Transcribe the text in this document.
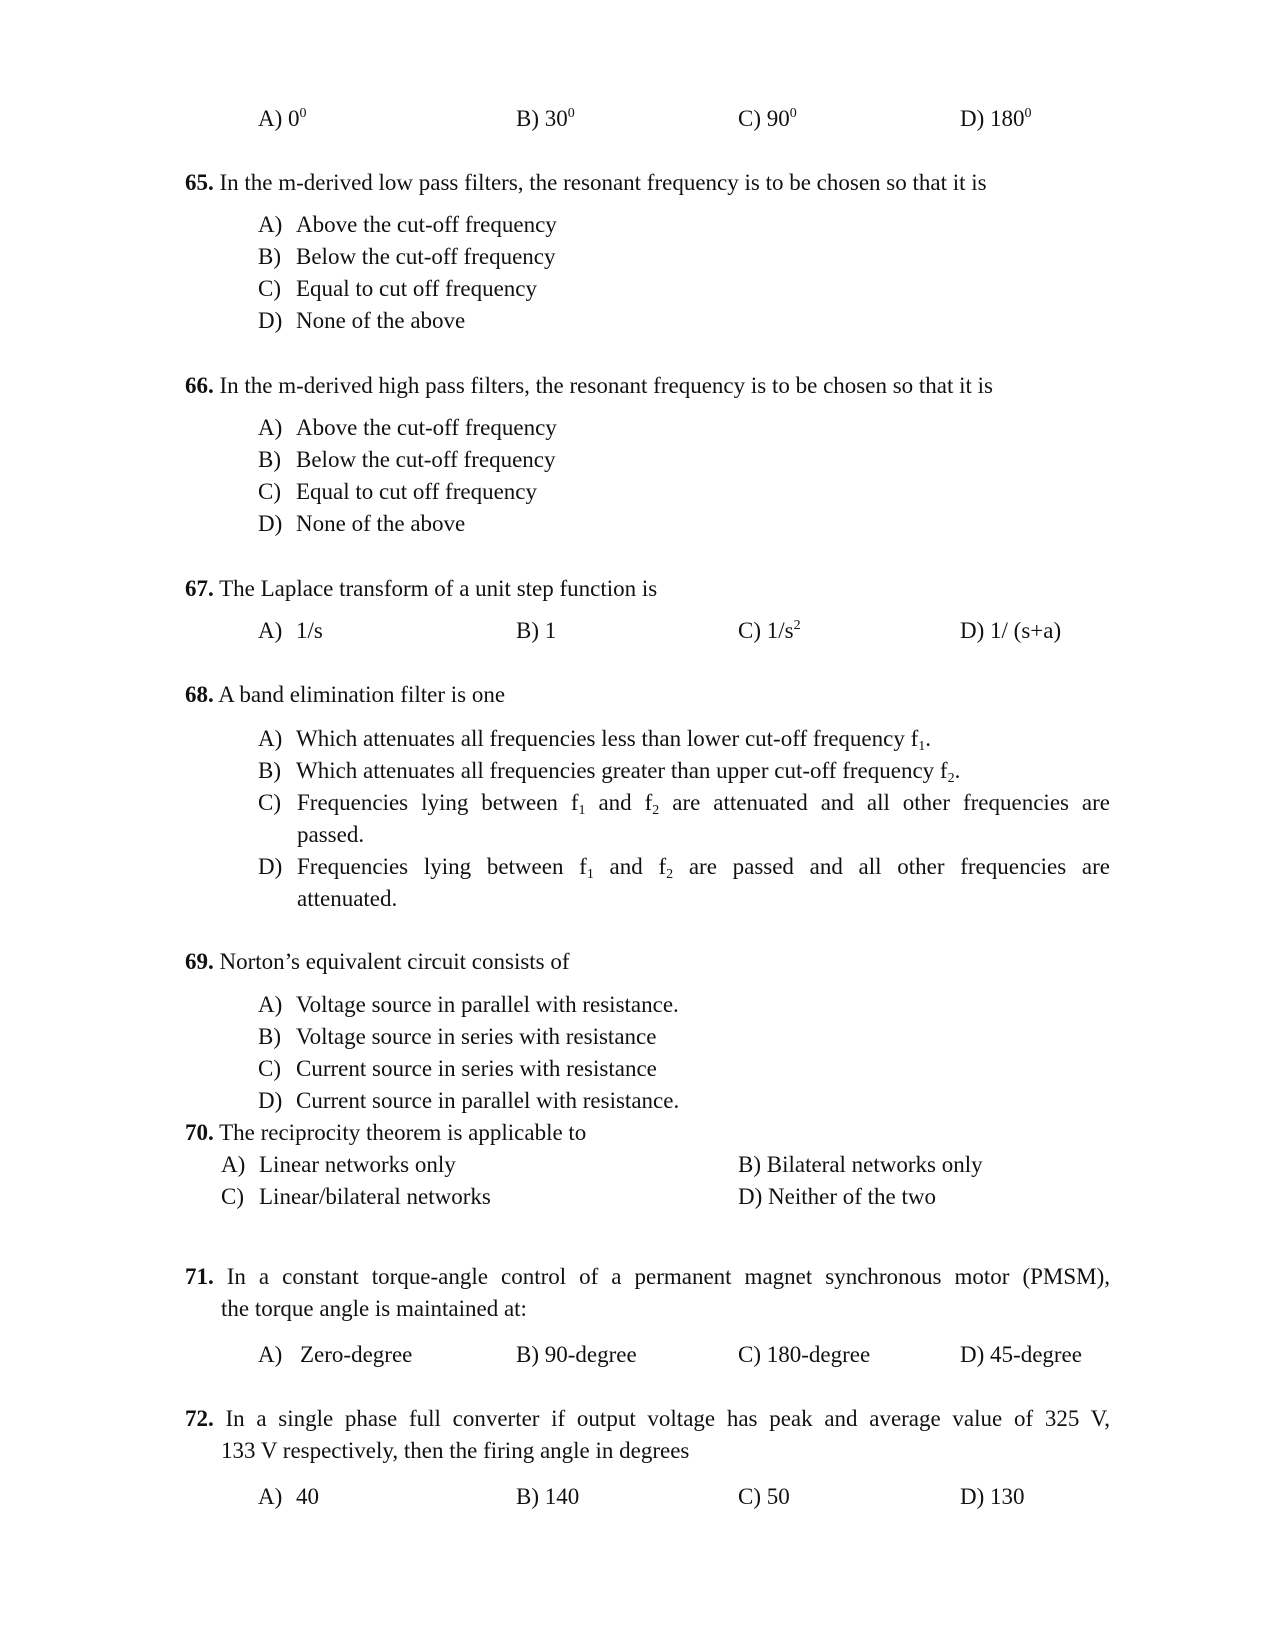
A) $0^0$	B) $30^0$	C) $90^0$	D) $180^0$
65. In the m-derived low pass filters, the resonant frequency is to be chosen so that it is
A) Above the cut-off frequency
B) Below the cut-off frequency
C) Equal to cut off frequency
D) None of the above
66. In the m-derived high pass filters, the resonant frequency is to be chosen so that it is
A) Above the cut-off frequency
B) Below the cut-off frequency
C) Equal to cut off frequency
D) None of the above
67. The Laplace transform of a unit step function is
A) 1/s	B) 1	C) $1/s^2$	D) 1/ (s+a)
68. A band elimination filter is one
A) Which attenuates all frequencies less than lower cut-off frequency $f_1$.
B) Which attenuates all frequencies greater than upper cut-off frequency $f_2$.
C) Frequencies lying between $f_1$ and $f_2$ are attenuated and all other frequencies are
passed.
D) Frequencies lying between $f_1$ and $f_2$ are passed and all other frequencies are
attenuated.
69. Norton’s equivalent circuit consists of
A) Voltage source in parallel with resistance.
B) Voltage source in series with resistance
C) Current source in series with resistance
D) Current source in parallel with resistance.
70. The reciprocity theorem is applicable to
A) Linear networks only	B) Bilateral networks only
C) Linear/bilateral networks	D) Neither of the two
71. In a constant torque-angle control of a permanent magnet synchronous motor (PMSM),
the torque angle is maintained at:
A) Zero-degree	B) 90-degree	C) 180-degree	D) 45-degree
72. In a single phase full converter if output voltage has peak and average value of 325 V,
133 V respectively, then the firing angle in degrees
A) 40	B) 140	C) 50	D) 130
